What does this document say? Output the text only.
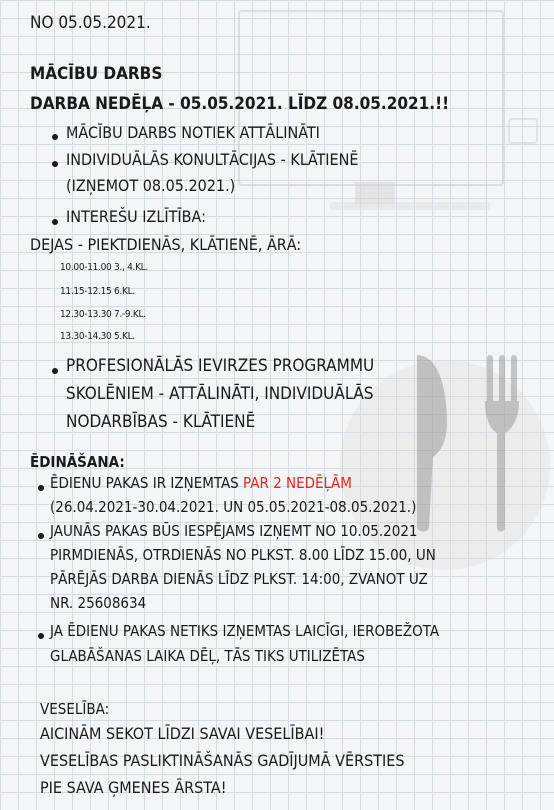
NO 05.05.2021.

MĀCĪBU DARBS

DARBA NEDĒĻA - 05.05.2021. LĪDZ 08.05.2021.!!

MĀCĪBU DARBS NOTIEK ATTĀLINĀTI

INDIVIDUĀLĀS KONULTĀCIJAS - KLĀTIENĒ

(IZŅEMOT 08.05.2021.)

INTEREŠU IZLĪTĪBA:

DEJAS - PIEKTDIENĀS, KLĀTIENĒ, ĀRĀ:

10.00-11.00 3., 4.KL.

11.15-12.15 6.KL.

12.30-13.30 7.-9.KL.

13.30-14.30 5.KL.

PROFESIONĀLĀS IEVIRZES PROGRAMMU

SKOLĒNIEM - ATTĀLINĀTI, INDIVIDUĀLĀS

NODARBĪBAS - KLĀTIENĒ

ĒDINĀŠANA:

ĒDIENU PAKAS IR IZŅEMTAS PAR 2 NEDĒĻĀM

(26.04.2021-30.04.2021. UN 05.05.2021-08.05.2021.)

JAUNĀS PAKAS BŪS IESPĒJAMS IZŅEMT NO 10.05.2021

PIRMDIENĀS, OTRDIENĀS NO PLKST. 8.00 LĪDZ 15.00, UN

PĀRĒJĀS DARBA DIENĀS LĪDZ PLKST. 14:00, ZVANOT UZ

NR. 25608634

JA ĒDIENU PAKAS NETIKS IZŅEMTAS LAICĪGI, IEROBEŽOTA

GLABĀŠANAS LAIKA DĒĻ, TĀS TIKS UTILIZĒTAS

VESELĪBA:

AICINĀM SEKOT LĪDZI SAVAI VESELĪBAI!

VESELĪBAS PASLIKTINĀŠANĀS GADĪJUMĀ VĒRSTIES

PIE SAVA ĢMENES ĀRSTA!
